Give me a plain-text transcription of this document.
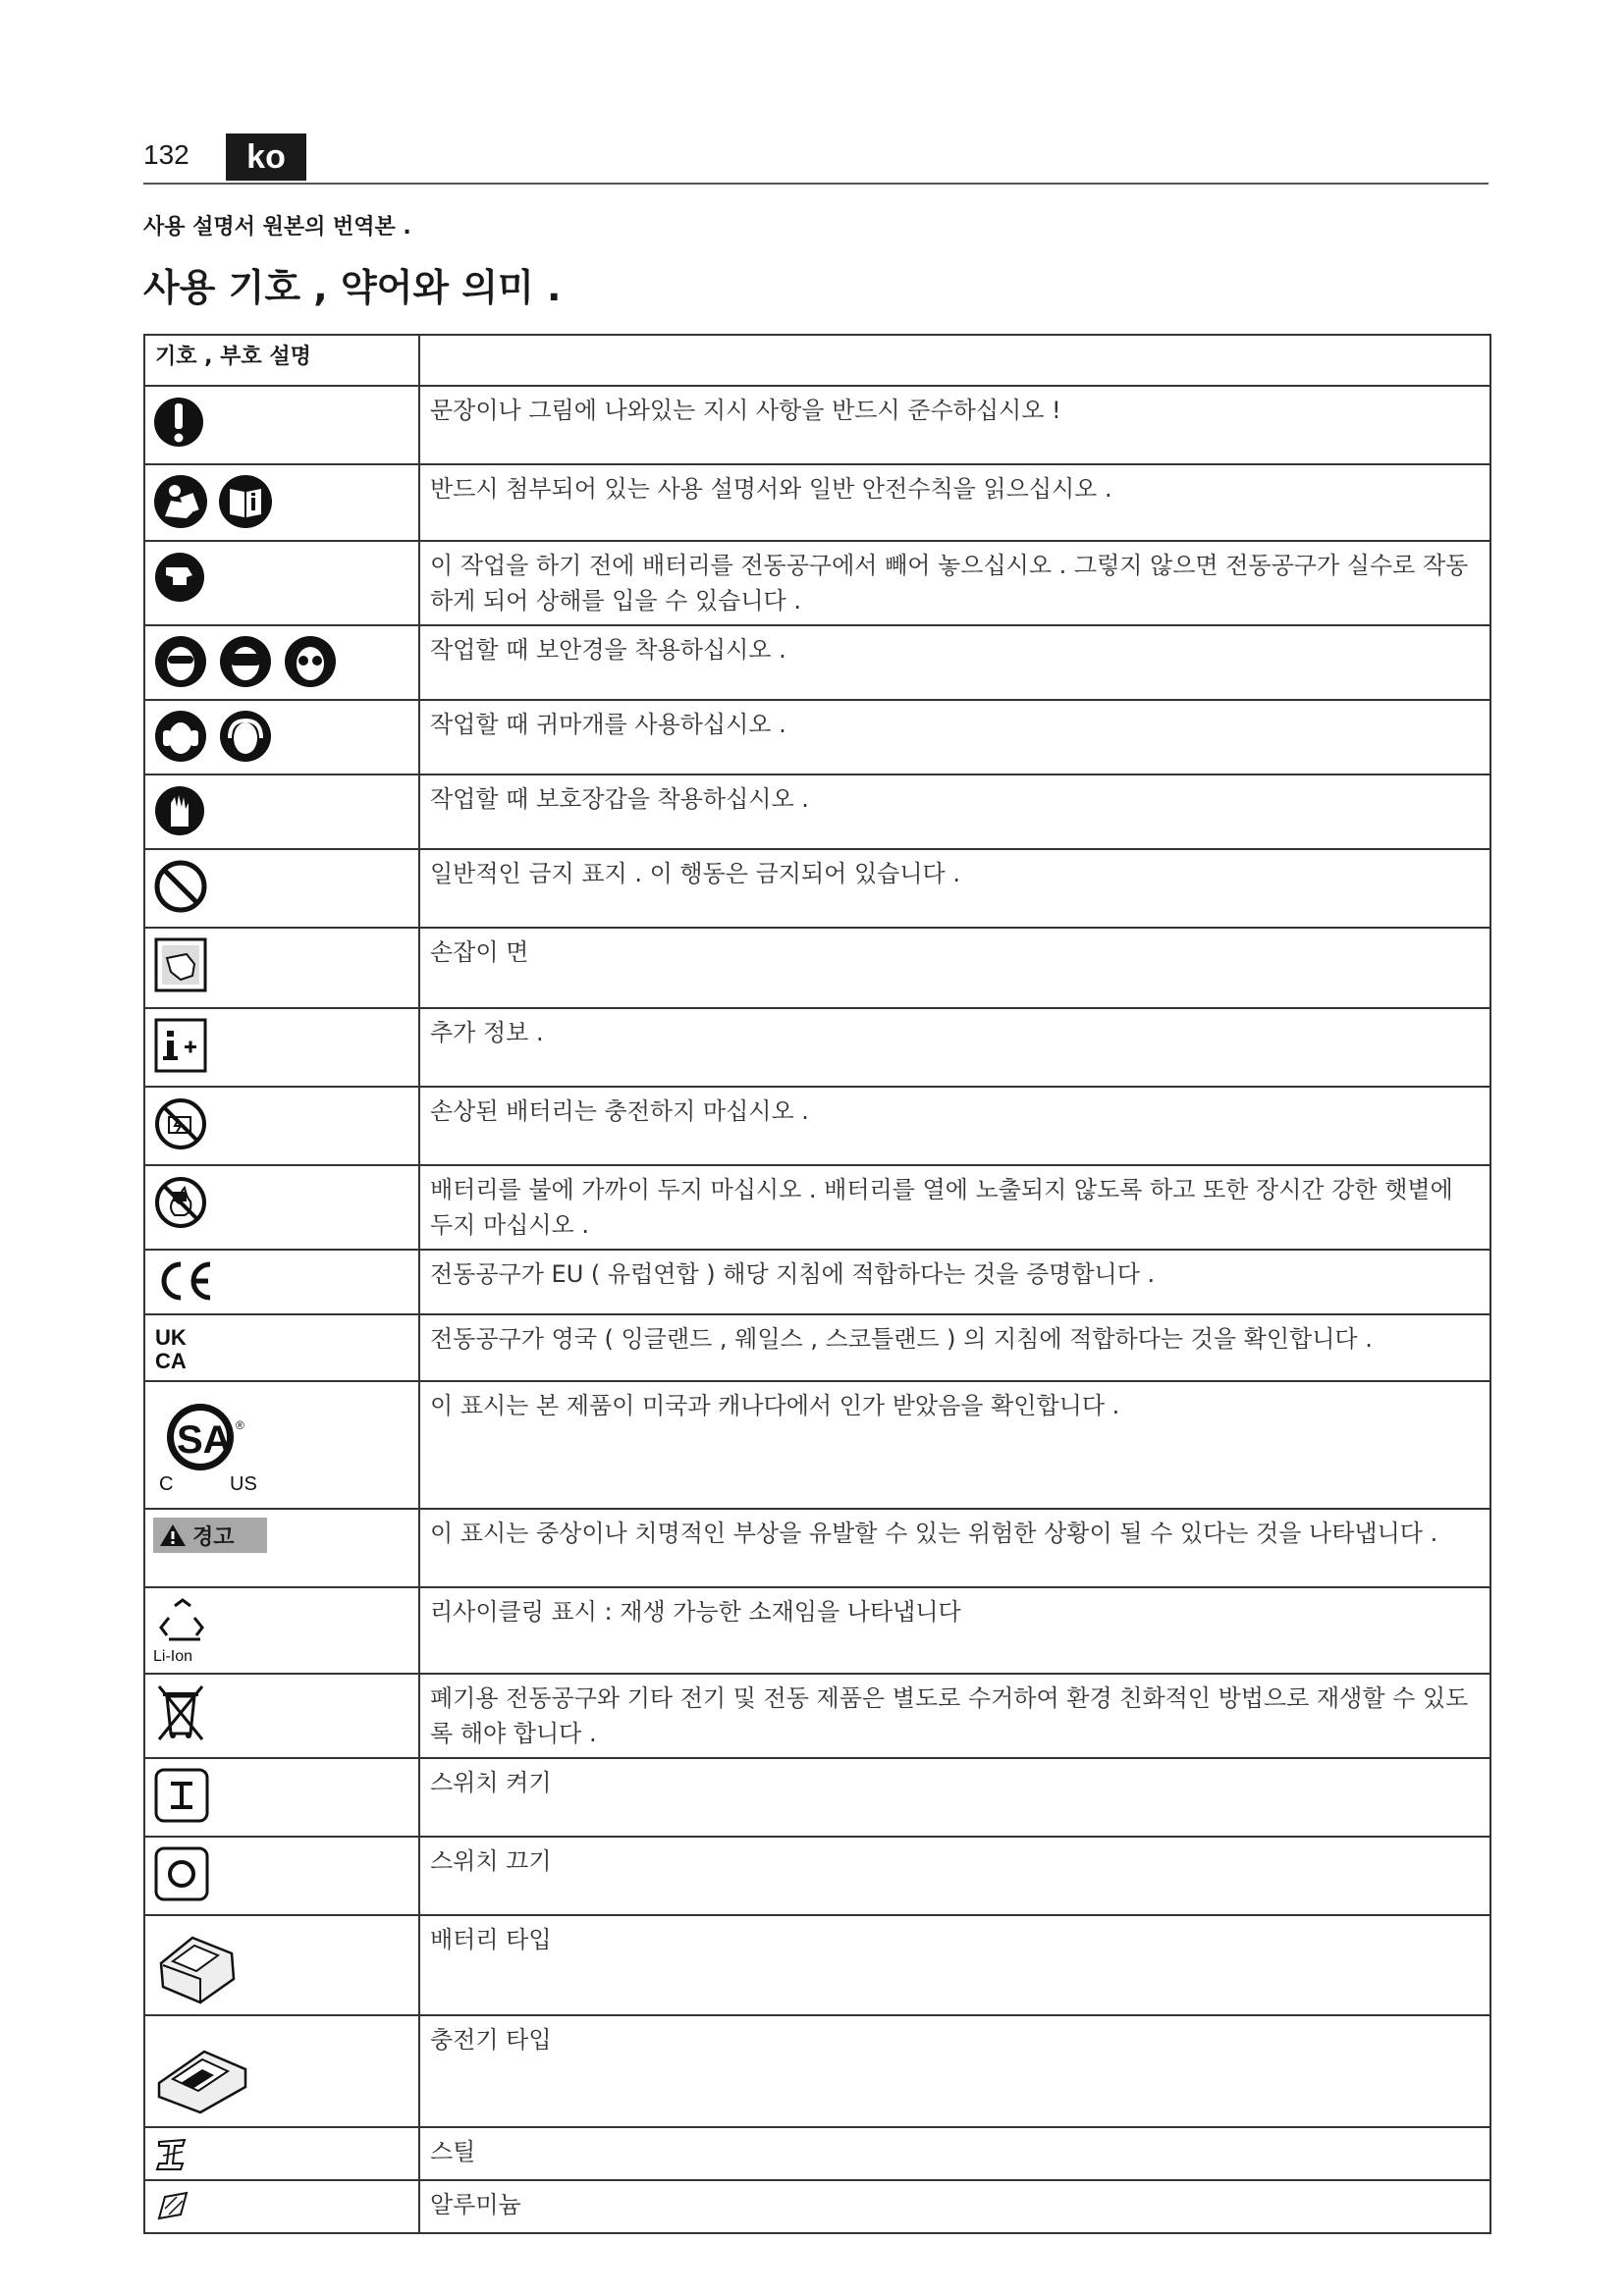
132	ko
사용 설명서 원본의 번역본 .
사용 기호 , 약어와 의미 .
기호 , 부호 설명	

	문장이나 그림에 나와있는 지시 사항을 반드시 준수하십시오 !

	반드시 첨부되어 있는 사용 설명서와 일반 안전수칙을 읽으십시오 .

	이 작업을 하기 전에 배터리를 전동공구에서 빼어 놓으십시오 . 그렇지 않으면 전동공구가 실수로 작동하게 되어 상해를 입을 수 있습니다 .

	작업할 때 보안경을 착용하십시오 .

	작업할 때 귀마개를 사용하십시오 .

	작업할 때 보호장갑을 착용하십시오 .

	일반적인 금지 표지 . 이 행동은 금지되어 있습니다 .

	손잡이 면

	추가 정보 .

	손상된 배터리는 충전하지 마십시오 .

	배터리를 불에 가까이 두지 마십시오 . 배터리를 열에 노출되지 않도록 하고 또한 장시간 강한 햇볕에 두지 마십시오 .

	전동공구가 EU ( 유럽연합 ) 해당 지침에 적합하다는 것을 증명합니다 .

UK
CA	전동공구가 영국 ( 잉글랜드 , 웨일스 , 스코틀랜드 ) 의 지침에 적합하다는 것을 확인합니다 .

SA ®
C US	이 표시는 본 제품이 미국과 캐나다에서 인가 받았음을 확인합니다 .

경고	이 표시는 중상이나 치명적인 부상을 유발할 수 있는 위험한 상황이 될 수 있다는 것을 나타냅니다 .

Li-Ion	리사이클링 표시 : 재생 가능한 소재임을 나타냅니다

	폐기용 전동공구와 기타 전기 및 전동 제품은 별도로 수거하여 환경 친화적인 방법으로 재생할 수 있도록 해야 합니다 .

	스위치 켜기

	스위치 끄기

	배터리 타입

	충전기 타입

	스틸

	알루미늄
